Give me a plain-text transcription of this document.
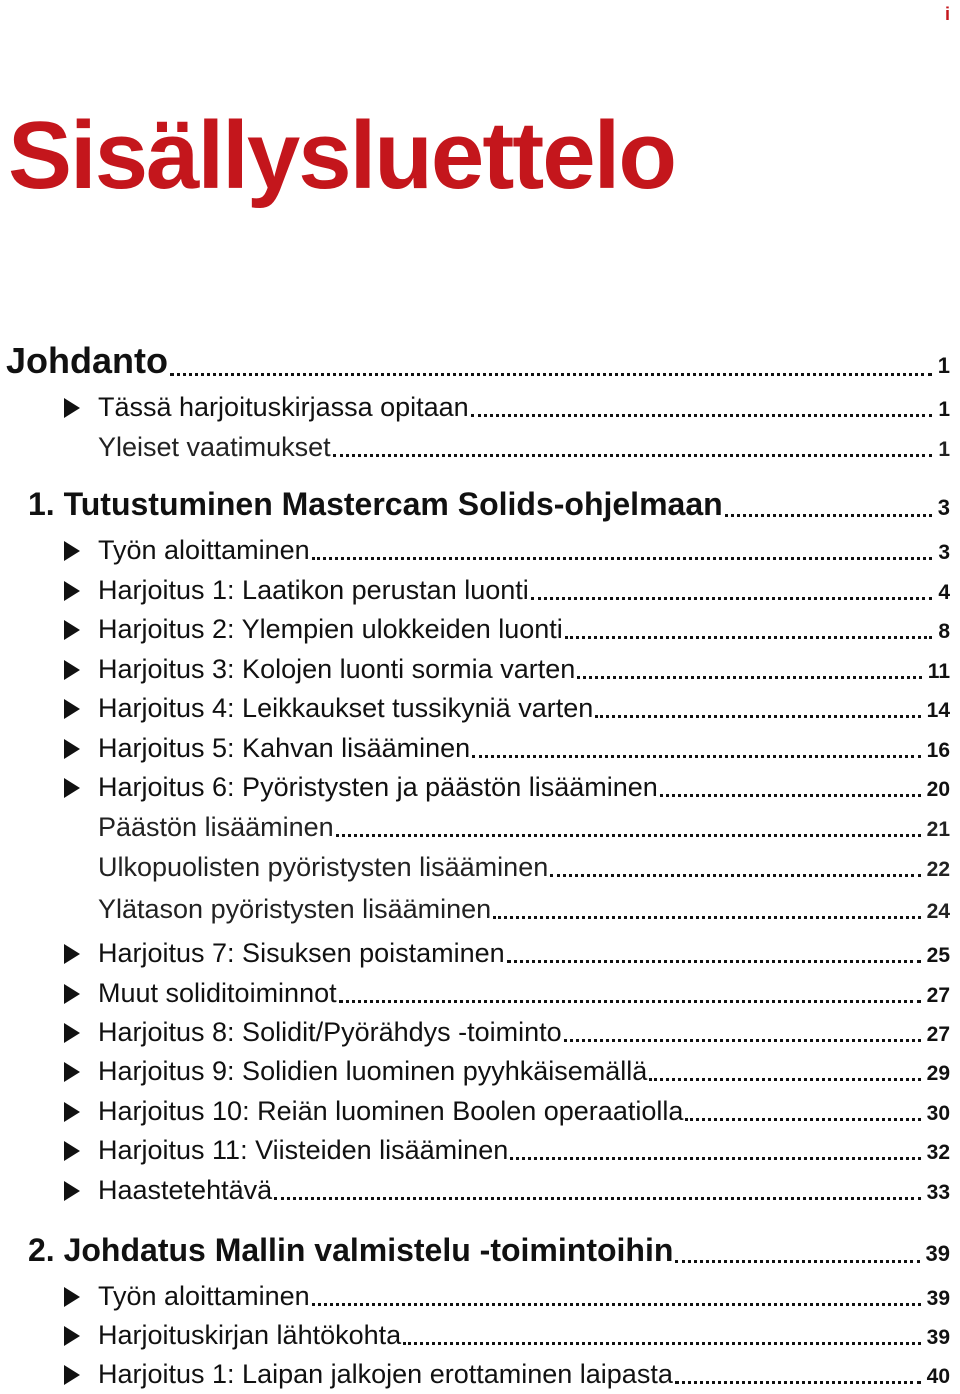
i
Sisällysluettelo
Johdanto	1
Tässä harjoituskirjassa opitaan	1
Yleiset vaatimukset	1
1. Tutustuminen Mastercam Solids-ohjelmaan	3
Työn aloittaminen	3
Harjoitus 1: Laatikon perustan luonti	4
Harjoitus 2: Ylempien ulokkeiden luonti	8
Harjoitus 3: Kolojen luonti sormia varten	11
Harjoitus 4: Leikkaukset tussikyniä varten	14
Harjoitus 5: Kahvan lisääminen	16
Harjoitus 6: Pyöristysten ja päästön lisääminen	20
Päästön lisääminen	21
Ulkopuolisten pyöristysten lisääminen	22
Ylätason pyöristysten lisääminen	24
Harjoitus 7: Sisuksen poistaminen	25
Muut soliditoiminnot	27
Harjoitus 8: Solidit/Pyörähdys -toiminto	27
Harjoitus 9: Solidien luominen pyyhkäisemällä	29
Harjoitus 10: Reiän luominen Boolen operaatiolla	30
Harjoitus 11: Viisteiden lisääminen	32
Haastetehtävä	33
2. Johdatus Mallin valmistelu -toimintoihin	39
Työn aloittaminen	39
Harjoituskirjan lähtökohta	39
Harjoitus 1: Laipan jalkojen erottaminen laipasta	40
